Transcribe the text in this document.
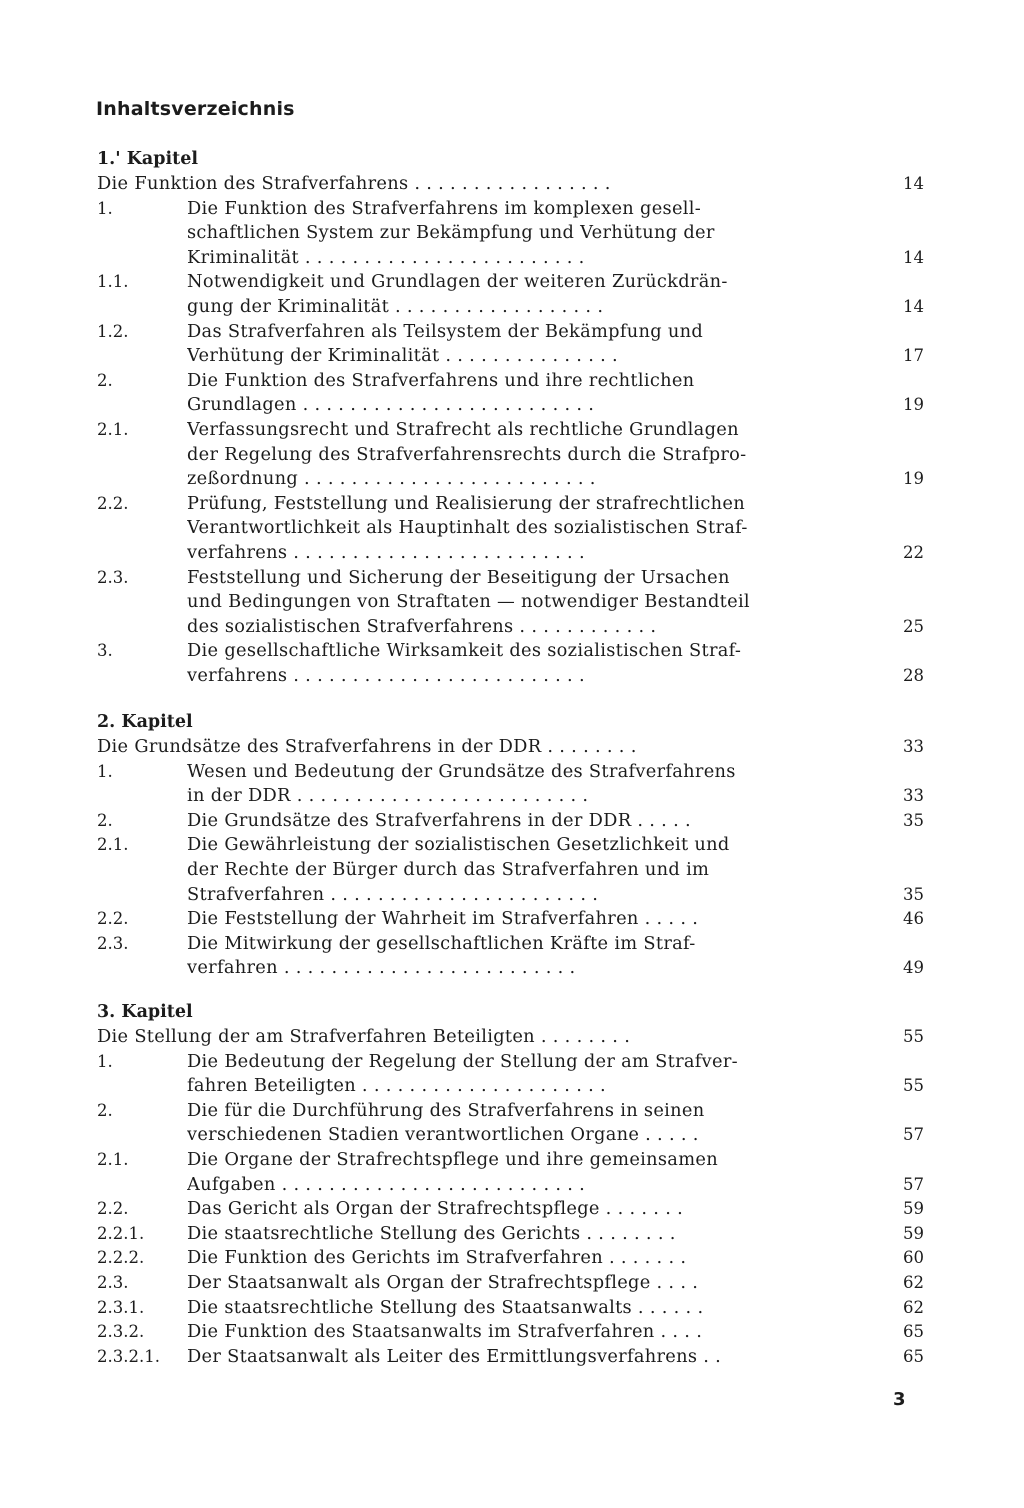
Inhaltsverzeichnis
1.' Kapitel
Die Funktion des Strafverfahrens . . . . . . . . . . . . . . . . .	14
1.	Die Funktion des Strafverfahrens im komplexen gesell-
schaftlichen System zur Bekämpfung und Verhütung der
Kriminalität . . . . . . . . . . . . . . . . . . . . . . . .	14
1.1.	Notwendigkeit und Grundlagen der weiteren Zurückdrän-
gung der Kriminalität . . . . . . . . . . . . . . . . . .	14
1.2.	Das Strafverfahren als Teilsystem der Bekämpfung und
Verhütung der Kriminalität . . . . . . . . . . . . . . .	17
2.	Die Funktion des Strafverfahrens und ihre rechtlichen
Grundlagen . . . . . . . . . . . . . . . . . . . . . . . . .	19
2.1.	Verfassungsrecht und Strafrecht als rechtliche Grundlagen
der Regelung des Strafverfahrensrechts durch die Strafpro-
zeßordnung . . . . . . . . . . . . . . . . . . . . . . . . .	19
2.2.	Prüfung, Feststellung und Realisierung der strafrechtlichen
Verantwortlichkeit als Hauptinhalt des sozialistischen Straf-
verfahrens . . . . . . . . . . . . . . . . . . . . . . . . .	22
2.3.	Feststellung und Sicherung der Beseitigung der Ursachen
und Bedingungen von Straftaten — notwendiger Bestandteil
des sozialistischen Strafverfahrens . . . . . . . . . . . .	25
3.	Die gesellschaftliche Wirksamkeit des sozialistischen Straf-
verfahrens . . . . . . . . . . . . . . . . . . . . . . . . .	28
2. Kapitel
Die Grundsätze des Strafverfahrens in der DDR . . . . . . . .	33
1.	Wesen und Bedeutung der Grundsätze des Strafverfahrens
in der DDR . . . . . . . . . . . . . . . . . . . . . . . . .	33
2.	Die Grundsätze des Strafverfahrens in der DDR . . . . .	35
2.1.	Die Gewährleistung der sozialistischen Gesetzlichkeit und
der Rechte der Bürger durch das Strafverfahren und im
Strafverfahren . . . . . . . . . . . . . . . . . . . . . . .	35
2.2.	Die Feststellung der Wahrheit im Strafverfahren . . . . .	46
2.3.	Die Mitwirkung der gesellschaftlichen Kräfte im Straf-
verfahren . . . . . . . . . . . . . . . . . . . . . . . . .	49
3. Kapitel
Die Stellung der am Strafverfahren Beteiligten . . . . . . . .	55
1.	Die Bedeutung der Regelung der Stellung der am Strafver-
fahren Beteiligten . . . . . . . . . . . . . . . . . . . . .	55
2.	Die für die Durchführung des Strafverfahrens in seinen
verschiedenen Stadien verantwortlichen Organe . . . . .	57
2.1.	Die Organe der Strafrechtspflege und ihre gemeinsamen
Aufgaben . . . . . . . . . . . . . . . . . . . . . . . . . .	57
2.2.	Das Gericht als Organ der Strafrechtspflege . . . . . . .	59
2.2.1. Die staatsrechtliche Stellung des Gerichts . . . . . . . .	59
2.2.2. Die Funktion des Gerichts im Strafverfahren . . . . . . .	60
2.3.	Der Staatsanwalt als Organ der Strafrechtspflege . . . .	62
2.3.1. Die staatsrechtliche Stellung des Staatsanwalts . . . . . .	62
2.3.2. Die Funktion des Staatsanwalts im Strafverfahren . . . .	65
2.3.2.1. Der Staatsanwalt als Leiter des Ermittlungsverfahrens . .	65
3
